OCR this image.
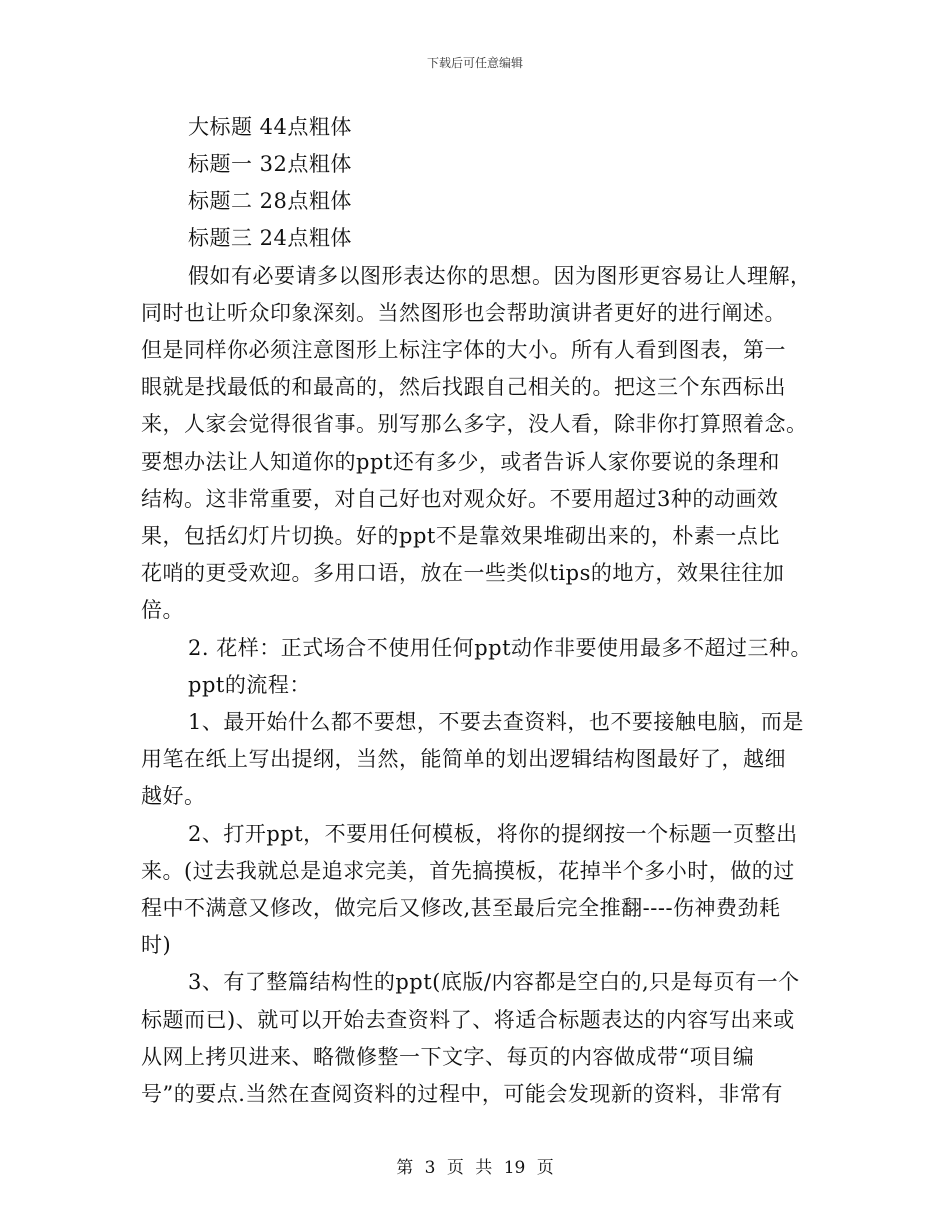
下载后可任意编辑
大标题 44点粗体
标题一 32点粗体
标题二 28点粗体
标题三 24点粗体
假如有必要请多以图形表达你的思想。因为图形更容易让人理解，
同时也让听众印象深刻。当然图形也会帮助演讲者更好的进行阐述。
但是同样你必须注意图形上标注字体的大小。所有人看到图表，第一
眼就是找最低的和最高的，然后找跟自己相关的。把这三个东西标出
来，人家会觉得很省事。别写那么多字，没人看，除非你打算照着念。
要想办法让人知道你的ppt还有多少，或者告诉人家你要说的条理和
结构。这非常重要，对自己好也对观众好。不要用超过3种的动画效
果，包括幻灯片切换。好的ppt不是靠效果堆砌出来的，朴素一点比
花哨的更受欢迎。多用口语，放在一些类似tips的地方，效果往往加
倍。
2. 花样：正式场合不使用任何ppt动作非要使用最多不超过三种。
ppt的流程：
1、最开始什么都不要想，不要去查资料，也不要接触电脑，而是
用笔在纸上写出提纲，当然，能简单的划出逻辑结构图最好了，越细
越好。
2、打开ppt，不要用任何模板，将你的提纲按一个标题一页整出
来。(过去我就总是追求完美，首先搞摸板，花掉半个多小时，做的过
程中不满意又修改，做完后又修改,甚至最后完全推翻----伤神费劲耗
时)
3、有了整篇结构性的ppt(底版/内容都是空白的,只是每页有一个
标题而已)、就可以开始去查资料了、将适合标题表达的内容写出来或
从网上拷贝进来、略微修整一下文字、每页的内容做成带“项目编
号”的要点.当然在查阅资料的过程中，可能会发现新的资料，非常有
第 3 页 共 19 页
